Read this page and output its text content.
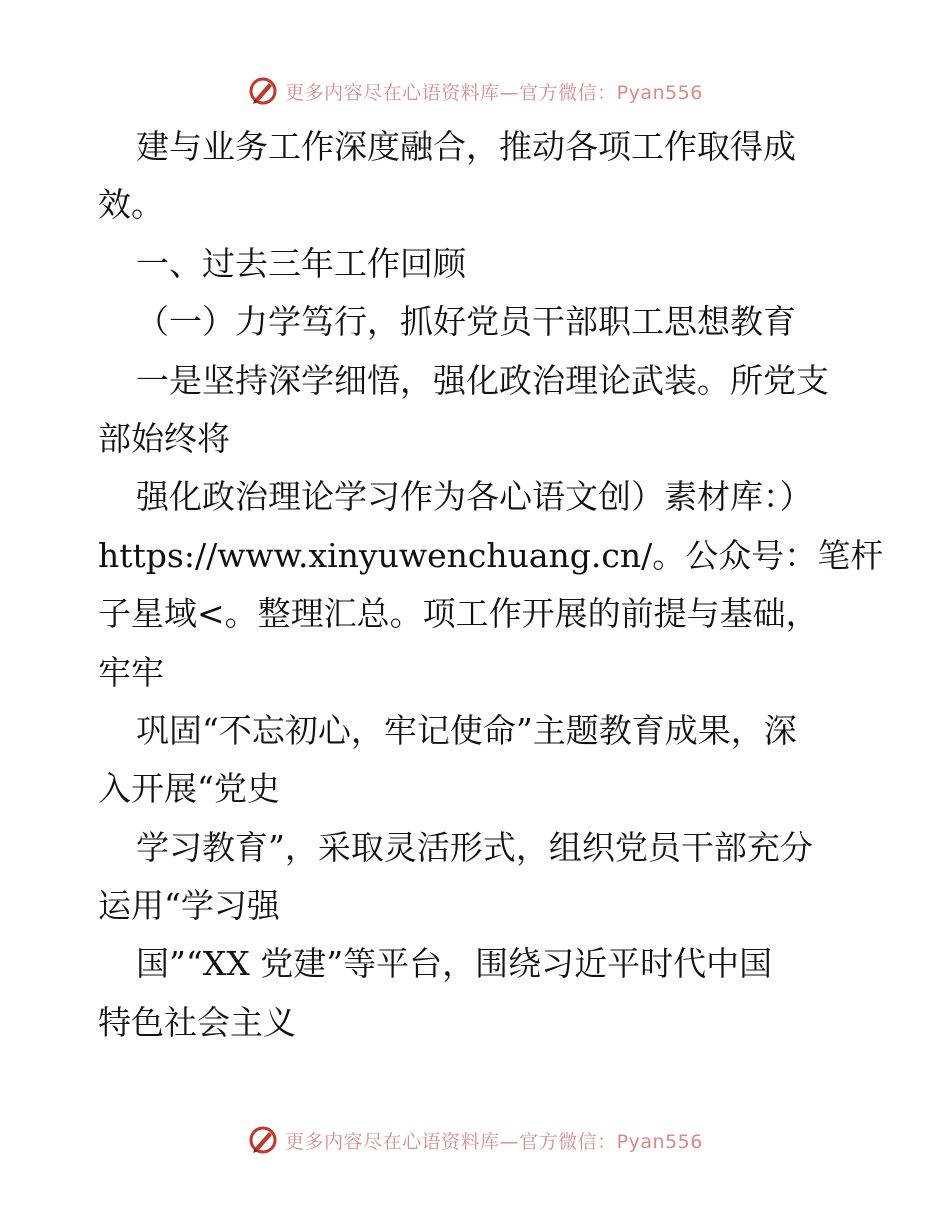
更多内容尽在心语资料库—官方微信：Pyan556
建与业务工作深度融合，推动各项工作取得成
效。
一、过去三年工作回顾
（一）力学笃行，抓好党员干部职工思想教育
一是坚持深学细悟，强化政治理论武装。所党支
部始终将
强化政治理论学习作为各心语文创）素材库：）
https://www.xinyuwenchuang.cn/。公众号：笔杆
子星域<。整理汇总。项工作开展的前提与基础，
牢牢
巩固“不忘初心，牢记使命”主题教育成果，深
入开展“党史
学习教育”，采取灵活形式，组织党员干部充分
运用“学习强
国”“XX 党建”等平台，围绕习近平时代中国
特色社会主义
更多内容尽在心语资料库—官方微信：Pyan556
